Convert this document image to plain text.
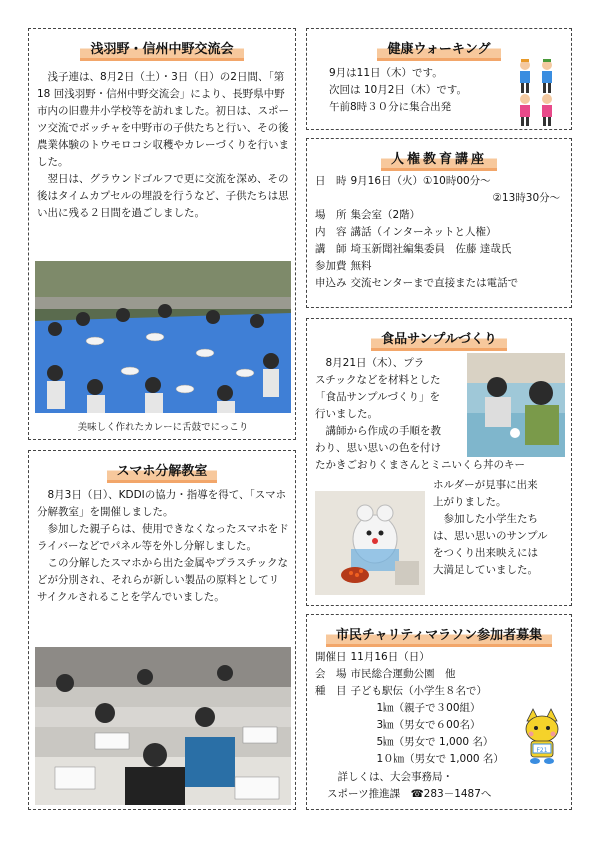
浅羽野・信州中野交流会

浅子連は、8月2日（土）・3日（日）の2日間、「第 18 回浅羽野・信州中野交流会」により、長野県中野市内の旧豊井小学校等を訪れました。初日は、スポーツ交流でボッチャを中野市の子供たちと行い、その後農業体験のトウモロコシ収穫やカレーづくりを行いました。

翌日は、グラウンドゴルフで更に交流を深め、その後はタイムカプセルの埋設を行うなど、子供たちは思い出に残る２日間を過ごしました。

美味しく作れたカレーに舌鼓でにっこり
スマホ分解教室

8月3日（日）、KDDIの協力・指導を得て、「スマホ分解教室」を開催しました。

参加した親子らは、使用できなくなったスマホをドライバーなどでパネル等を外し分解しました。

この分解したスマホから出た金属やプラスチックなどが分別され、それらが新しい製品の原料としてリサイクルされることを学んでいました。

健康ウォーキング
9月は11日（木）です。
次回は 10月2日（木）です。
午前8時３０分に集合出発
人権教育講座
日　時	9月16日（火）①10時00分～
	②13時30分～
場　所	集会室（2階）
内　容	講話（インターネットと人権）
講　師	埼玉新聞社編集委員　佐藤 達哉氏
参加費	無料
申込み	交流センターまで直接または電話で
食品サンプルづくり
8月21日（木）、プラ
スチックなどを材料とした
「食品サンプルづくり」を
行いました。
講師から作成の手順を教
わり、思い思いの色を付け
たかきごおりくまさんとミニいくら丼のキー
ホルダーが見事に出来
上がりました。
参加した小学生たち
は、思い思いのサンプル
をつくり出来映えには
大満足していました。
市民チャリティマラソン参加者募集
開催日	11月16日（日）
会　場	市民総合運動公園　他
種　目	子ども駅伝（小学生８名で）
	1㎞（親子で３00組）
	3㎞（男女で６00名）
	5㎞（男女で 1,000 名）
	1０㎞（男女で 1,000 名）
詳しくは、大会事務局・
スポーツ推進課　☎283－1487へ
F21
